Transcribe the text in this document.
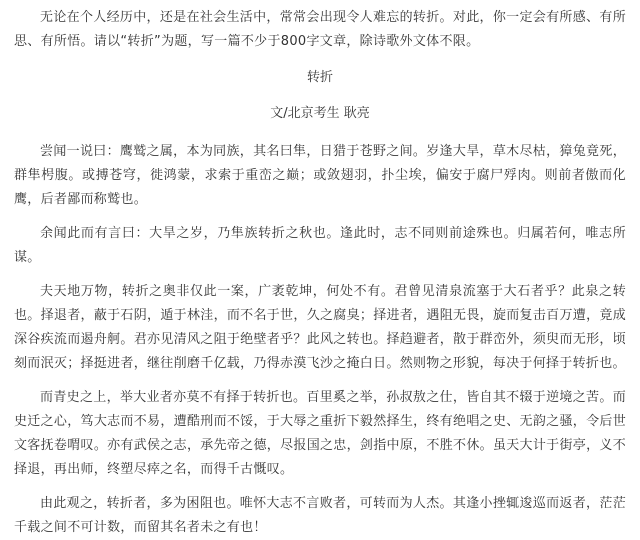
无论在个人经历中，还是在社会生活中，常常会出现令人难忘的转折。对此，你一定会有所感、有所思、有所悟。请以“转折”为题，写一篇不少于800字文章，除诗歌外文体不限。

转折

文/北京考生 耿亮

尝闻一说曰：鹰鹫之属，本为同族，其名曰隼，日猎于苍野之间。岁逢大旱，草木尽枯，獐兔竟死，群隼枵腹。或搏苍穹，徙鸿蒙，求索于重峦之巅；或敛翅羽，扑尘埃，偏安于腐尸殍肉。则前者傲而化鹰，后者鄙而称鹫也。

余闻此而有言曰：大旱之岁，乃隼族转折之秋也。逢此时，志不同则前途殊也。归属若何，唯志所谋。

夫天地万物，转折之奥非仅此一案，广袤乾坤，何处不有。君曾见清泉流塞于大石者乎？此泉之转也。择退者，蔽于石阴，遁于林洼，而不名于世，久之腐臭；择进者，遇阻无畏，旋而复击百万遭，竟成深谷疾流而遏舟舸。君亦见清风之阻于绝壁者乎？此风之转也。择趋避者，散于群峦外，须臾而无形，顷刻而泯灭；择挺进者，继往削磨千亿载，乃得赤漠飞沙之掩白日。然则物之形貌，每决于何择于转折也。

而青史之上，举大业者亦莫不有择于转折也。百里奚之举，孙叔敖之仕，皆自其不辍于逆境之苦。而史迁之心，笃大志而不易，遭酷刑而不馁，于大辱之重折下毅然择生，终有绝唱之史、无韵之骚，令后世文客抚卷喟叹。亦有武侯之志，承先帝之德，尽报国之忠，剑指中原，不胜不休。虽天大计于街亭，义不择退，再出师，终塑尽瘁之名，而得千古慨叹。

由此观之，转折者，多为困阻也。唯怀大志不言败者，可转而为人杰。其逢小挫辄逡巡而返者，茫茫千载之间不可计数，而留其名者未之有也！
